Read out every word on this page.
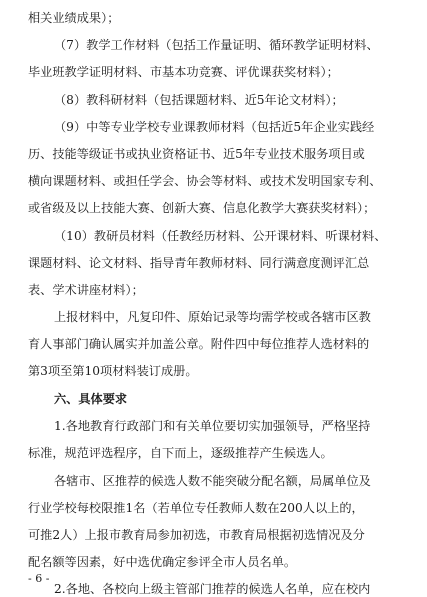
相关业绩成果）；
（7）教学工作材料（包括工作量证明、循环教学证明材料、
毕业班教学证明材料、市基本功竞赛、评优课获奖材料）；
（8）教科研材料（包括课题材料、近5年论文材料）；
（9）中等专业学校专业课教师材料（包括近5年企业实践经
历、技能等级证书或执业资格证书、近5年专业技术服务项目或
横向课题材料、或担任学会、协会等材料、或技术发明国家专利、
或省级及以上技能大赛、创新大赛、信息化教学大赛获奖材料）；
（10）教研员材料（任教经历材料、公开课材料、听课材料、
课题材料、论文材料、指导青年教师材料、同行满意度测评汇总
表、学术讲座材料）；
上报材料中，凡复印件、原始记录等均需学校或各辖市区教
育人事部门确认属实并加盖公章。附件四中每位推荐人选材料的
第3项至第10项材料装订成册。
六、具体要求
1.各地教育行政部门和有关单位要切实加强领导，严格坚持
标准，规范评选程序，自下而上，逐级推荐产生候选人。
各辖市、区推荐的候选人数不能突破分配名额，局属单位及
行业学校每校限推1名（若单位专任教师人数在200人以上的，
可推2人）上报市教育局参加初选，市教育局根据初选情况及分
配名额等因素，好中选优确定参评全市人员名单。
2.各地、各校向上级主管部门推荐的候选人名单，应在校内
- 6 -
